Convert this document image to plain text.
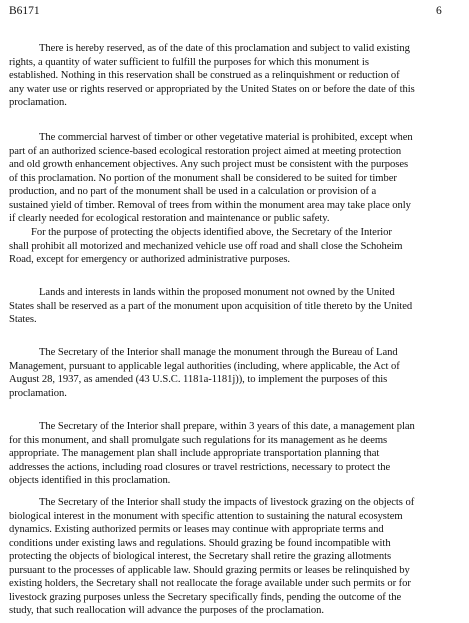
B6171	6
There is hereby reserved, as of the date of this proclamation and subject to valid existing
rights, a quantity of water sufficient to fulfill the purposes for which this monument is
established. Nothing in this reservation shall be construed as a relinquishment or reduction of
any water use or rights reserved or appropriated by the United States on or before the date of this
proclamation.
The commercial harvest of timber or other vegetative material is prohibited, except when
part of an authorized science-based ecological restoration project aimed at meeting protection
and old growth enhancement objectives. Any such project must be consistent with the purposes
of this proclamation. No portion of the monument shall be considered to be suited for timber
production, and no part of the monument shall be used in a calculation or provision of a
sustained yield of timber. Removal of trees from within the monument area may take place only
if clearly needed for ecological restoration and maintenance or public safety.
For the purpose of protecting the objects identified above, the Secretary of the Interior
shall prohibit all motorized and mechanized vehicle use off road and shall close the Schoheim
Road, except for emergency or authorized administrative purposes.
Lands and interests in lands within the proposed monument not owned by the United
States shall be reserved as a part of the monument upon acquisition of title thereto by the United
States.
The Secretary of the Interior shall manage the monument through the Bureau of Land
Management, pursuant to applicable legal authorities (including, where applicable, the Act of
August 28, 1937, as amended (43 U.S.C. 1181a-1181j)), to implement the purposes of this
proclamation.
The Secretary of the Interior shall prepare, within 3 years of this date, a management plan
for this monument, and shall promulgate such regulations for its management as he deems
appropriate. The management plan shall include appropriate transportation planning that
addresses the actions, including road closures or travel restrictions, necessary to protect the
objects identified in this proclamation.
The Secretary of the Interior shall study the impacts of livestock grazing on the objects of
biological interest in the monument with specific attention to sustaining the natural ecosystem
dynamics. Existing authorized permits or leases may continue with appropriate terms and
conditions under existing laws and regulations. Should grazing be found incompatible with
protecting the objects of biological interest, the Secretary shall retire the grazing allotments
pursuant to the processes of applicable law. Should grazing permits or leases be relinquished by
existing holders, the Secretary shall not reallocate the forage available under such permits or for
livestock grazing purposes unless the Secretary specifically finds, pending the outcome of the
study, that such reallocation will advance the purposes of the proclamation.
